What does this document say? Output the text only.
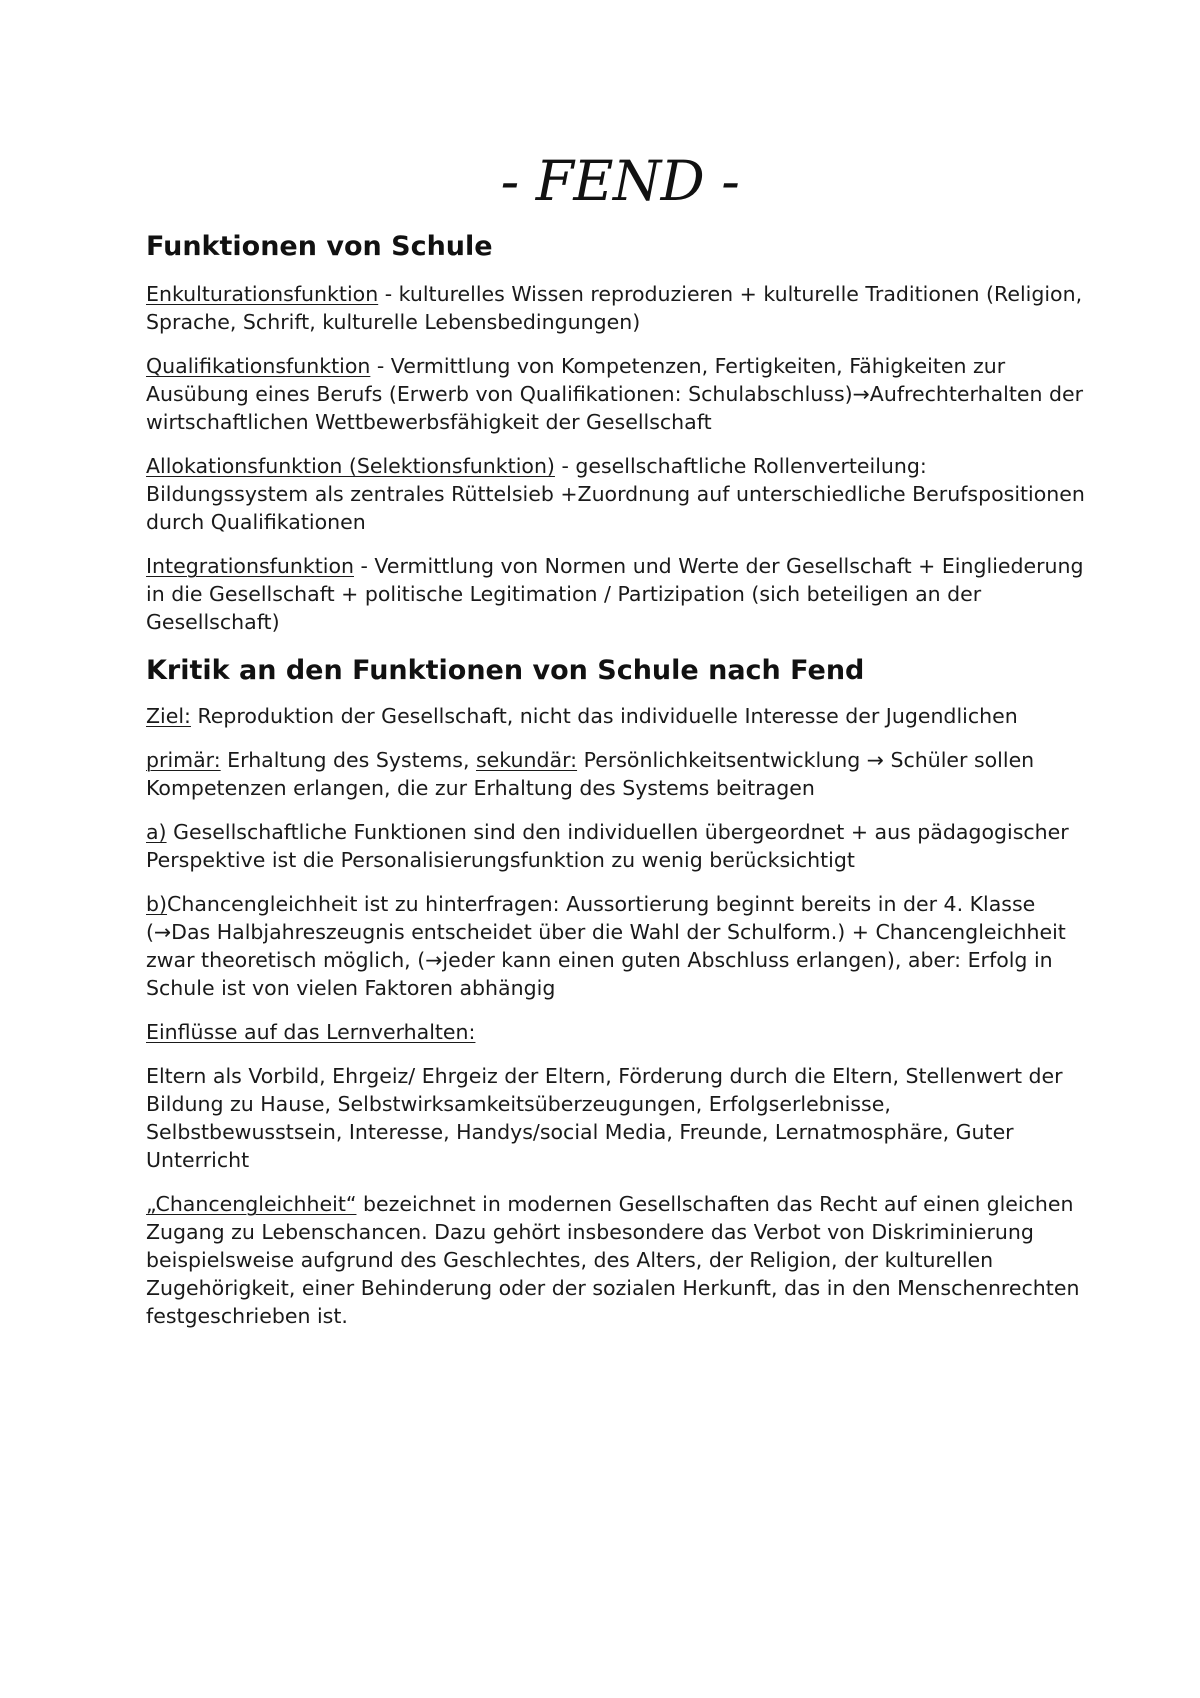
- FEND -
Funktionen von Schule

Enkulturationsfunktion - kulturelles Wissen reproduzieren + kulturelle Traditionen (Religion, Sprache, Schrift, kulturelle Lebensbedingungen)

Qualifikationsfunktion - Vermittlung von Kompetenzen, Fertigkeiten, Fähigkeiten zur Ausübung eines Berufs (Erwerb von Qualifikationen: Schulabschluss)→Aufrechterhalten der wirtschaftlichen Wettbewerbsfähigkeit der Gesellschaft

Allokationsfunktion (Selektionsfunktion) - gesellschaftliche Rollenverteilung: Bildungssystem als zentrales Rüttelsieb +Zuordnung auf unterschiedliche Berufspositionen durch Qualifikationen

Integrationsfunktion - Vermittlung von Normen und Werte der Gesellschaft + Eingliederung in die Gesellschaft + politische Legitimation / Partizipation (sich beteiligen an der Gesellschaft)

Kritik an den Funktionen von Schule nach Fend

Ziel: Reproduktion der Gesellschaft, nicht das individuelle Interesse der Jugendlichen

primär: Erhaltung des Systems, sekundär: Persönlichkeitsentwicklung → Schüler sollen Kompetenzen erlangen, die zur Erhaltung des Systems beitragen

a) Gesellschaftliche Funktionen sind den individuellen übergeordnet + aus pädagogischer Perspektive ist die Personalisierungsfunktion zu wenig berücksichtigt

b)Chancengleichheit ist zu hinterfragen: Aussortierung beginnt bereits in der 4. Klasse (→Das Halbjahreszeugnis entscheidet über die Wahl der Schulform.) + Chancengleichheit zwar theoretisch möglich, (→jeder kann einen guten Abschluss erlangen), aber: Erfolg in Schule ist von vielen Faktoren abhängig

Einflüsse auf das Lernverhalten:

Eltern als Vorbild, Ehrgeiz/ Ehrgeiz der Eltern, Förderung durch die Eltern, Stellenwert der Bildung zu Hause, Selbstwirksamkeitsüberzeugungen, Erfolgserlebnisse, Selbstbewusstsein, Interesse, Handys/social Media, Freunde, Lernatmosphäre, Guter Unterricht

„Chancengleichheit“ bezeichnet in modernen Gesellschaften das Recht auf einen gleichen Zugang zu Lebenschancen. Dazu gehört insbesondere das Verbot von Diskriminierung beispielsweise aufgrund des Geschlechtes, des Alters, der Religion, der kulturellen Zugehörigkeit, einer Behinderung oder der sozialen Herkunft, das in den Menschenrechten festgeschrieben ist.
